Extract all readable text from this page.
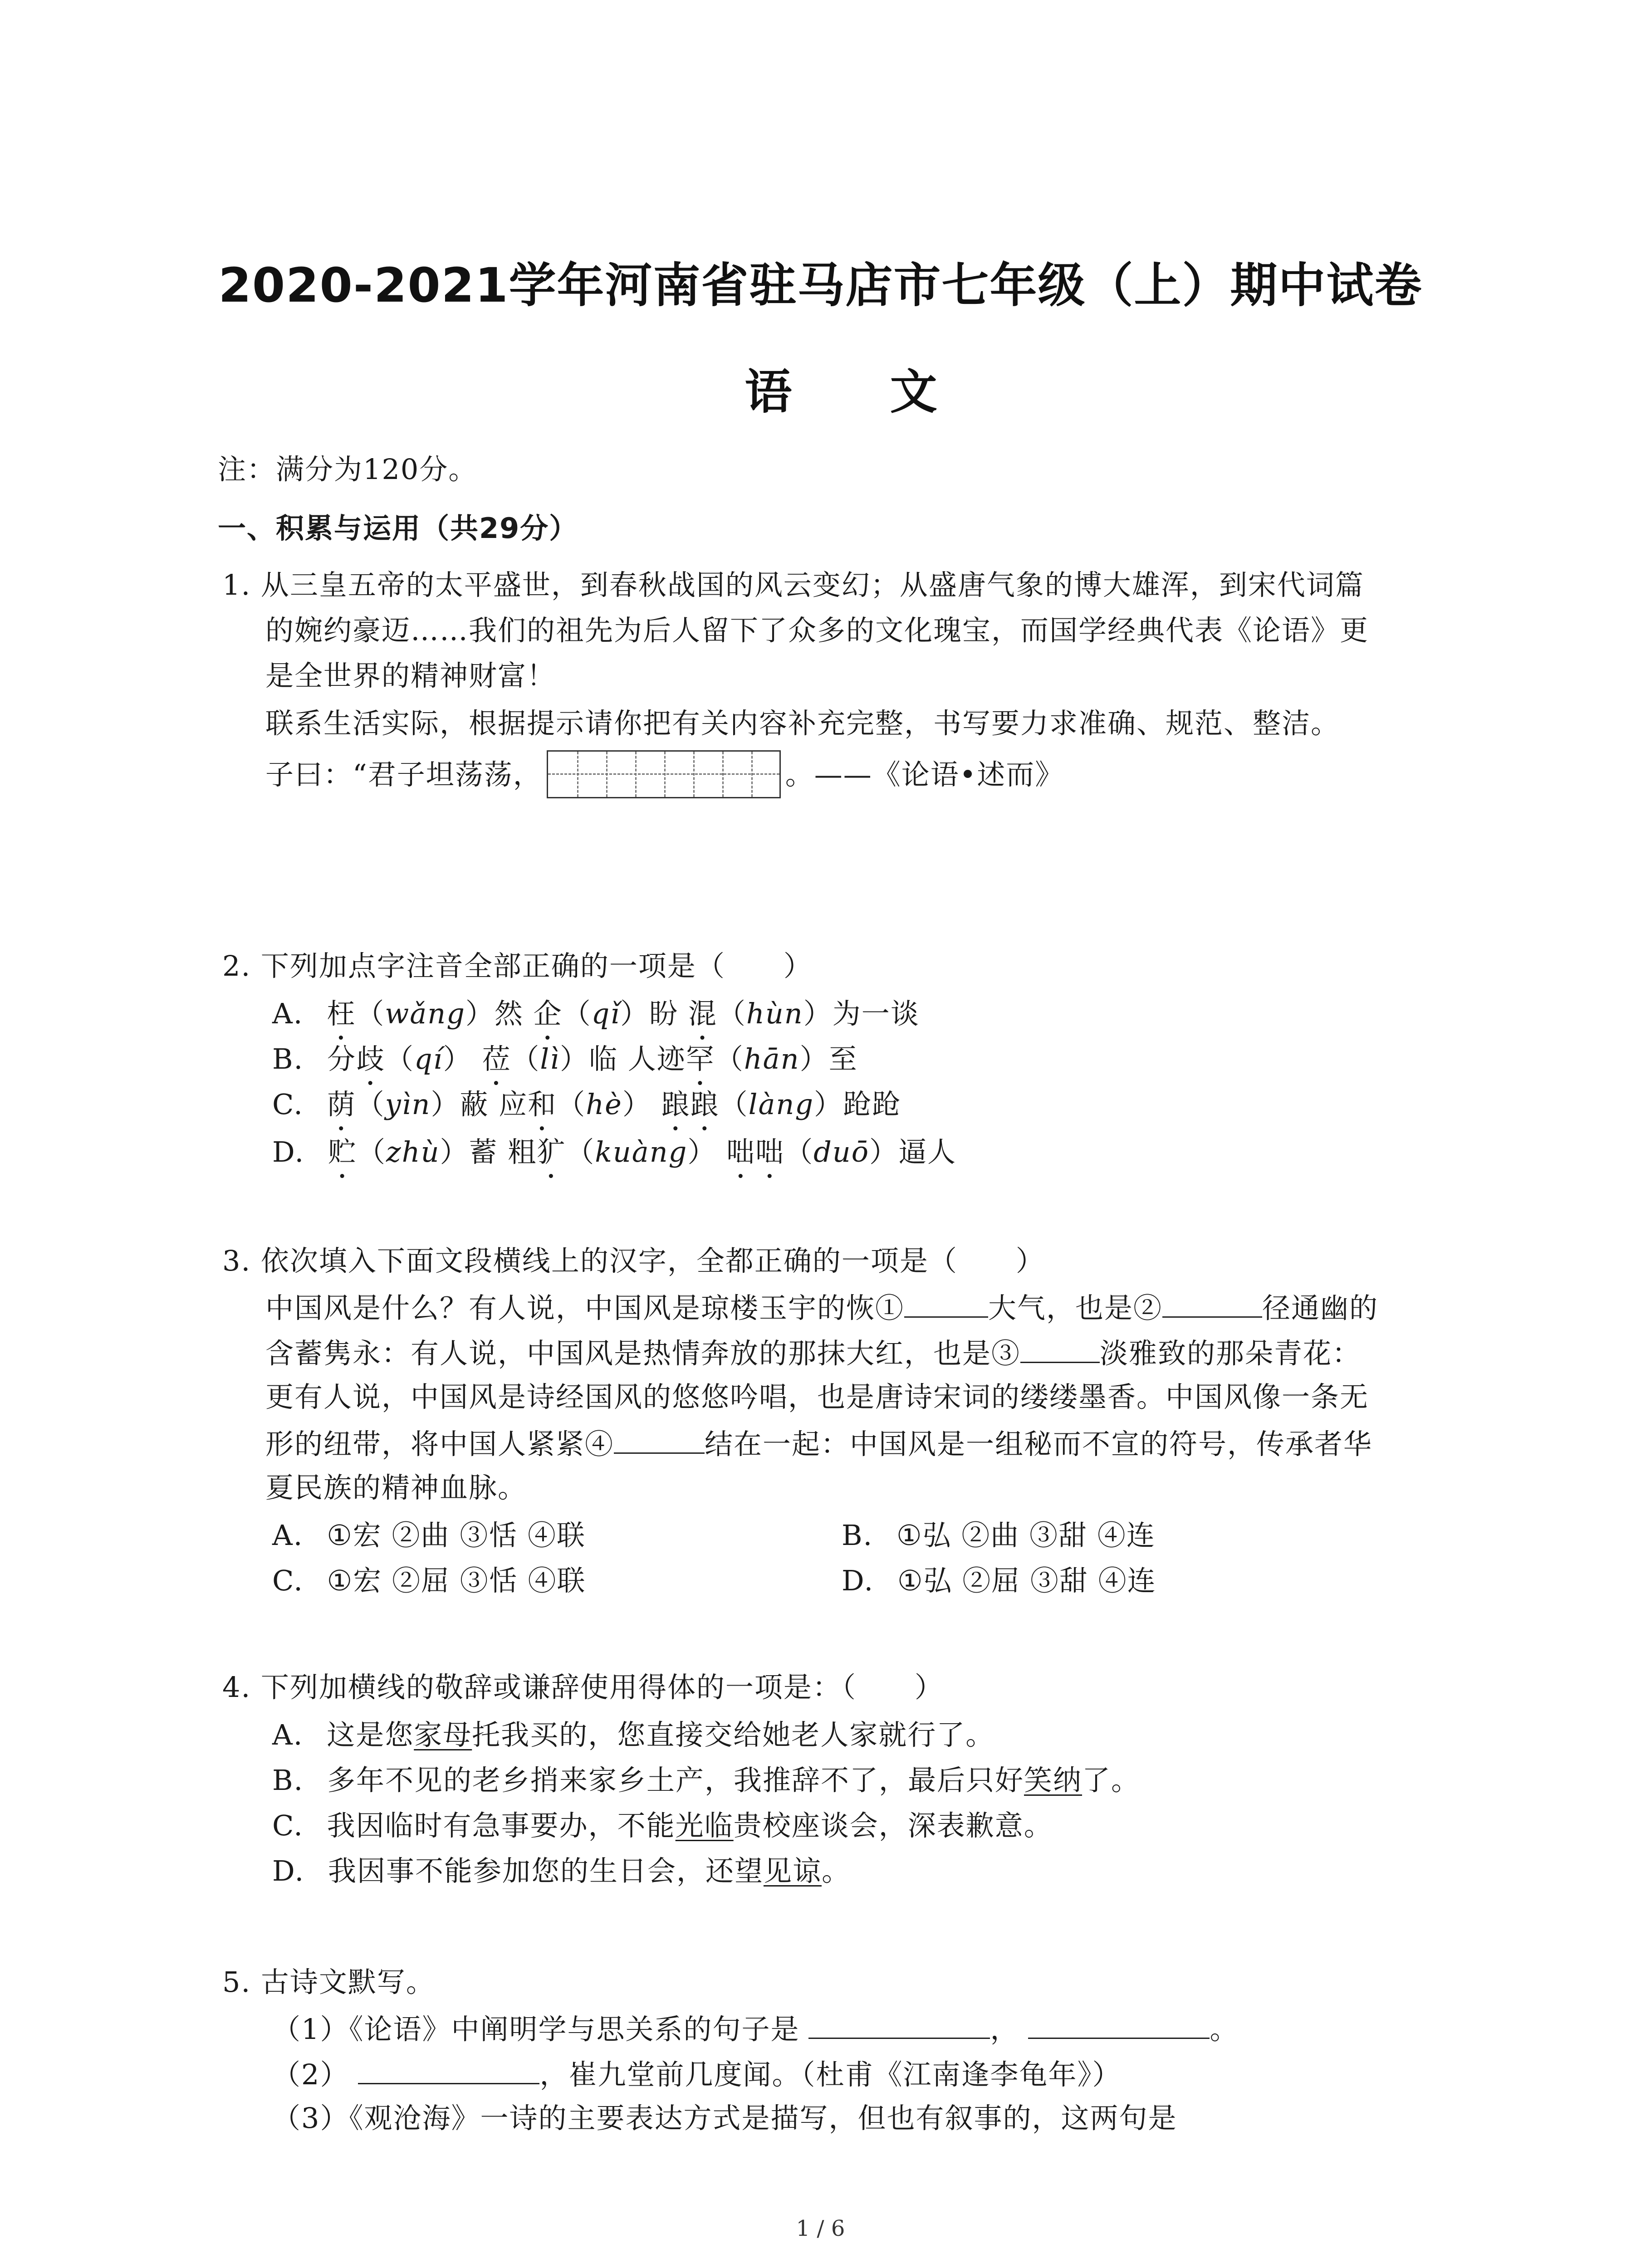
2020-2021学年河南省驻马店市七年级（上）期中试卷
语 文
注：满分为120分。
一、积累与运用（共29分）
1. 从三皇五帝的太平盛世，到春秋战国的风云变幻；从盛唐气象的博大雄浑，到宋代词篇
的婉约豪迈……我们的祖先为后人留下了众多的文化瑰宝，而国学经典代表《论语》更
是全世界的精神财富！
联系生活实际，根据提示请你把有关内容补充完整，书写要力求准确、规范、整洁。
子曰：“君子坦荡荡，	。——《论语•述而》
2. 下列加点字注音全部正确的一项是（　　）
A. 枉（wǎng）然 企（qǐ）盼 混（hùn）为一谈
B. 分歧（qí） 莅（lì）临 人迹罕（hān）至
C. 荫（yìn）蔽 应和（hè） 踉踉（làng）跄跄
D. 贮（zhù）蓄 粗犷（kuàng） 咄咄（duō）逼人
3. 依次填入下面文段横线上的汉字，全都正确的一项是（　　）
中国风是什么？有人说，中国风是琼楼玉宇的恢①	大气，也是②	径通幽的
含蓄隽永：有人说，中国风是热情奔放的那抹大红，也是③	淡雅致的那朵青花：
更有人说，中国风是诗经国风的悠悠吟唱，也是唐诗宋词的缕缕墨香。中国风像一条无
形的纽带，将中国人紧紧④	结在一起：中国风是一组秘而不宣的符号，传承者华
夏民族的精神血脉。
A. ①宏 ②曲 ③恬 ④联	B. ①弘 ②曲 ③甜 ④连
C. ①宏 ②屈 ③恬 ④联	D. ①弘 ②屈 ③甜 ④连
4. 下列加横线的敬辞或谦辞使用得体的一项是：（　　）
A. 这是您家母托我买的，您直接交给她老人家就行了。
B. 多年不见的老乡捎来家乡土产，我推辞不了，最后只好笑纳了。
C. 我因临时有急事要办，不能光临贵校座谈会，深表歉意。
D. 我因事不能参加您的生日会，还望见谅。
5. 古诗文默写。
（1）《论语》中阐明学与思关系的句子是	，	。
（2）	，崔九堂前几度闻。（杜甫《江南逢李龟年》）
（3）《观沧海》一诗的主要表达方式是描写，但也有叙事的，这两句是
1 / 6
